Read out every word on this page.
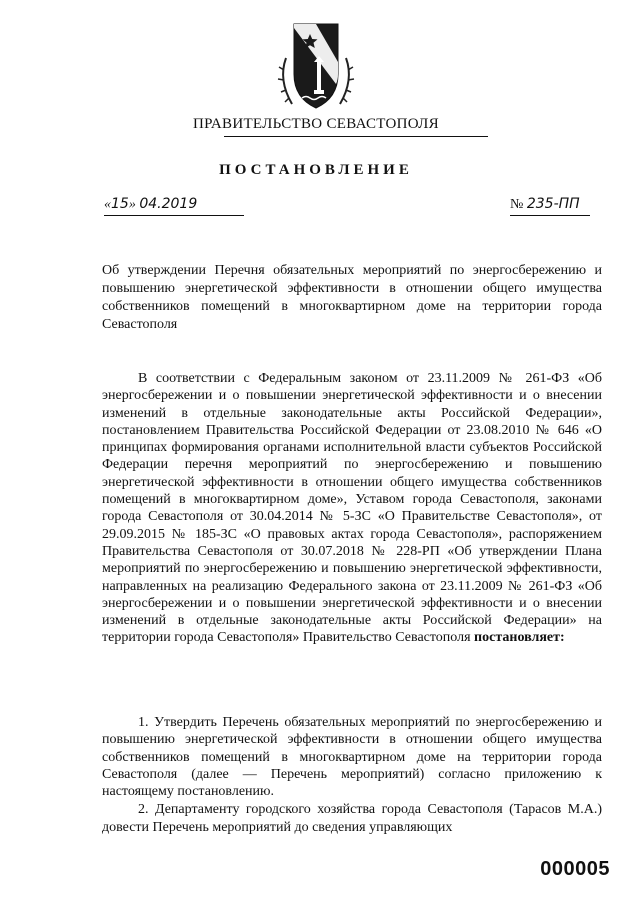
ПРАВИТЕЛЬСТВО СЕВАСТОПОЛЯ
ПОСТАНОВЛЕНИЕ
«15» 04.2019	№ 235-ПП
Об утверждении Перечня обязательных мероприятий по энергосбережению и повышению энергетической эффективности в отношении общего имущества собственников помещений в многоквартирном доме на территории города Севастополя

В соответствии с Федеральным законом от 23.11.2009 № 261-ФЗ «Об энергосбережении и о повышении энергетической эффективности и о внесении изменений в отдельные законодательные акты Российской Федерации», постановлением Правительства Российской Федерации от 23.08.2010 № 646 «О принципах формирования органами исполнительной власти субъектов Российской Федерации перечня мероприятий по энергосбережению и повышению энергетической эффективности в отношении общего имущества собственников помещений в многоквартирном доме», Уставом города Севастополя, законами города Севастополя от 30.04.2014 № 5-ЗС «О Правительстве Севастополя», от 29.09.2015 № 185-ЗС «О правовых актах города Севастополя», распоряжением Правительства Севастополя от 30.07.2018 № 228-РП «Об утверждении Плана мероприятий по энергосбережению и повышению энергетической эффективности, направленных на реализацию Федерального закона от 23.11.2009 № 261-ФЗ «Об энергосбережении и о повышении энергетической эффективности и о внесении изменений в отдельные законодательные акты Российской Федерации» на территории города Севастополя» Правительство Севастополя постановляет:

1. Утвердить Перечень обязательных мероприятий по энергосбережению и повышению энергетической эффективности в отношении общего имущества собственников помещений в многоквартирном доме на территории города Севастополя (далее — Перечень мероприятий) согласно приложению к настоящему постановлению.

2. Департаменту городского хозяйства города Севастополя (Тарасов М.А.) довести Перечень мероприятий до сведения управляющих

000005
